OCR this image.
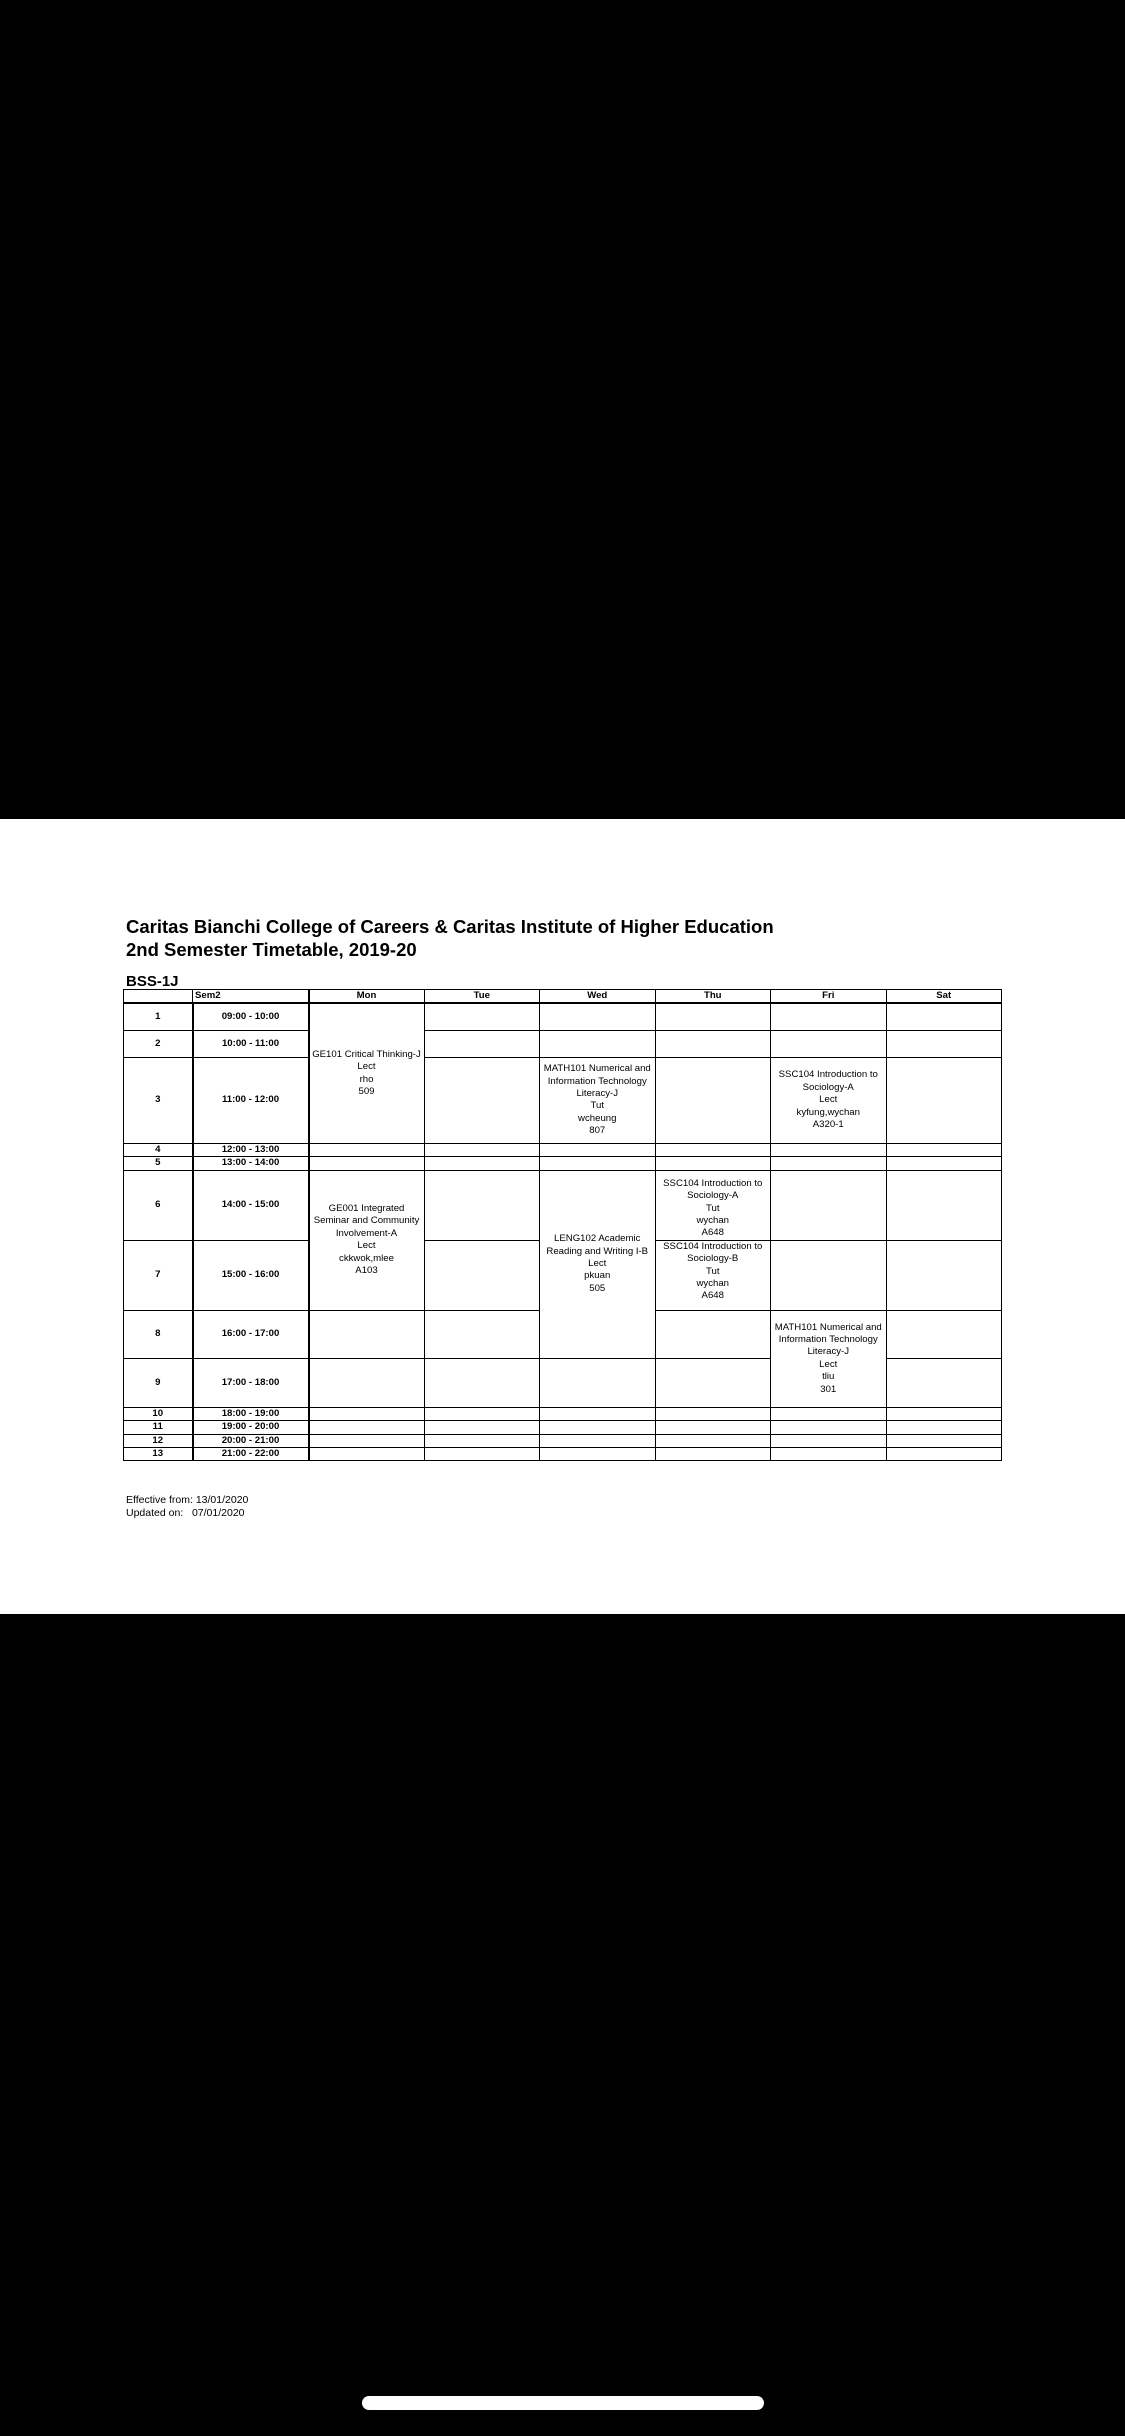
Caritas Bianchi College of Careers & Caritas Institute of Higher Education
2nd Semester Timetable, 2019-20
BSS-1J
	Sem2	Mon	Tue	Wed	Thu	Fri	Sat
1	09:00 - 10:00	GE101 Critical Thinking-J
Lect
rho
509					

2	10:00 - 11:00						
3	11:00 - 12:00			MATH101 Numerical and Information Technology Literacy-J
Tut
wcheung
807		SSC104 Introduction to Sociology-A
Lect
kyfung,wychan
A320-1	

4	12:00 - 13:00						
5	13:00 - 14:00						
6	14:00 - 15:00	GE001 Integrated Seminar and Community Involvement-A
Lect
ckkwok,mlee
A103		LENG102 Academic Reading and Writing I-B
Lect
pkuan
505	SSC104 Introduction to Sociology-A
Tut
wychan
A648		

7	15:00 - 16:00				SSC104 Introduction to Sociology-B
Tut
wychan
A648		

8	16:00 - 17:00					MATH101 Numerical and Information Technology Literacy-J
Lect
tliu
301	

9	17:00 - 18:00						
10	18:00 - 19:00						
11	19:00 - 20:00						
12	20:00 - 21:00						
13	21:00 - 22:00						
Effective from: 13/01/2020
Updated on:   07/01/2020
